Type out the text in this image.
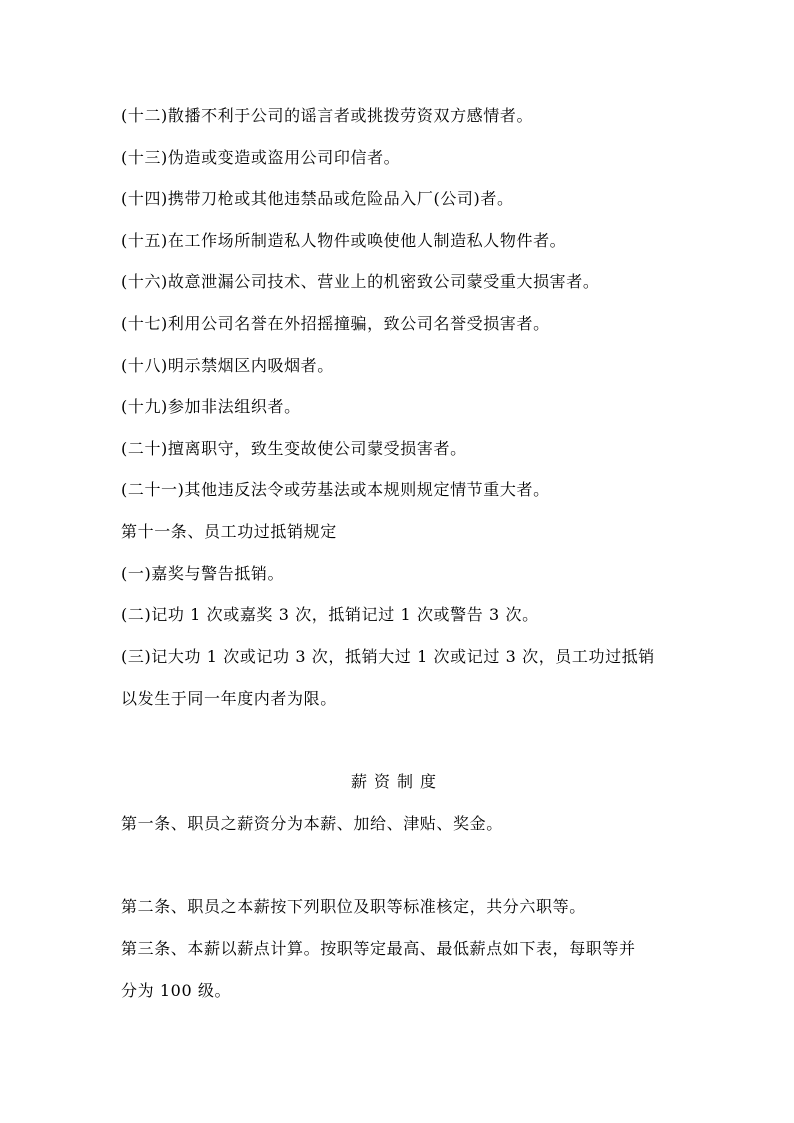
(十二)散播不利于公司的谣言者或挑拨劳资双方感情者。
(十三)伪造或变造或盗用公司印信者。
(十四)携带刀枪或其他违禁品或危险品入厂(公司)者。
(十五)在工作场所制造私人物件或唤使他人制造私人物件者。
(十六)故意泄漏公司技术、营业上的机密致公司蒙受重大损害者。
(十七)利用公司名誉在外招摇撞骗，致公司名誉受损害者。
(十八)明示禁烟区内吸烟者。
(十九)参加非法组织者。
(二十)擅离职守，致生变故使公司蒙受损害者。
(二十一)其他违反法令或劳基法或本规则规定情节重大者。
第十一条、员工功过抵销规定
(一)嘉奖与警告抵销。
(二)记功 1 次或嘉奖 3 次，抵销记过 1 次或警告 3 次。
(三)记大功 1 次或记功 3 次，抵销大过 1 次或记过 3 次，员工功过抵销
以发生于同一年度内者为限。
薪资制度
第一条、职员之薪资分为本薪、加给、津贴、奖金。
第二条、职员之本薪按下列职位及职等标准核定，共分六职等。
第三条、本薪以薪点计算。按职等定最高、最低薪点如下表，每职等并
分为 100 级。
